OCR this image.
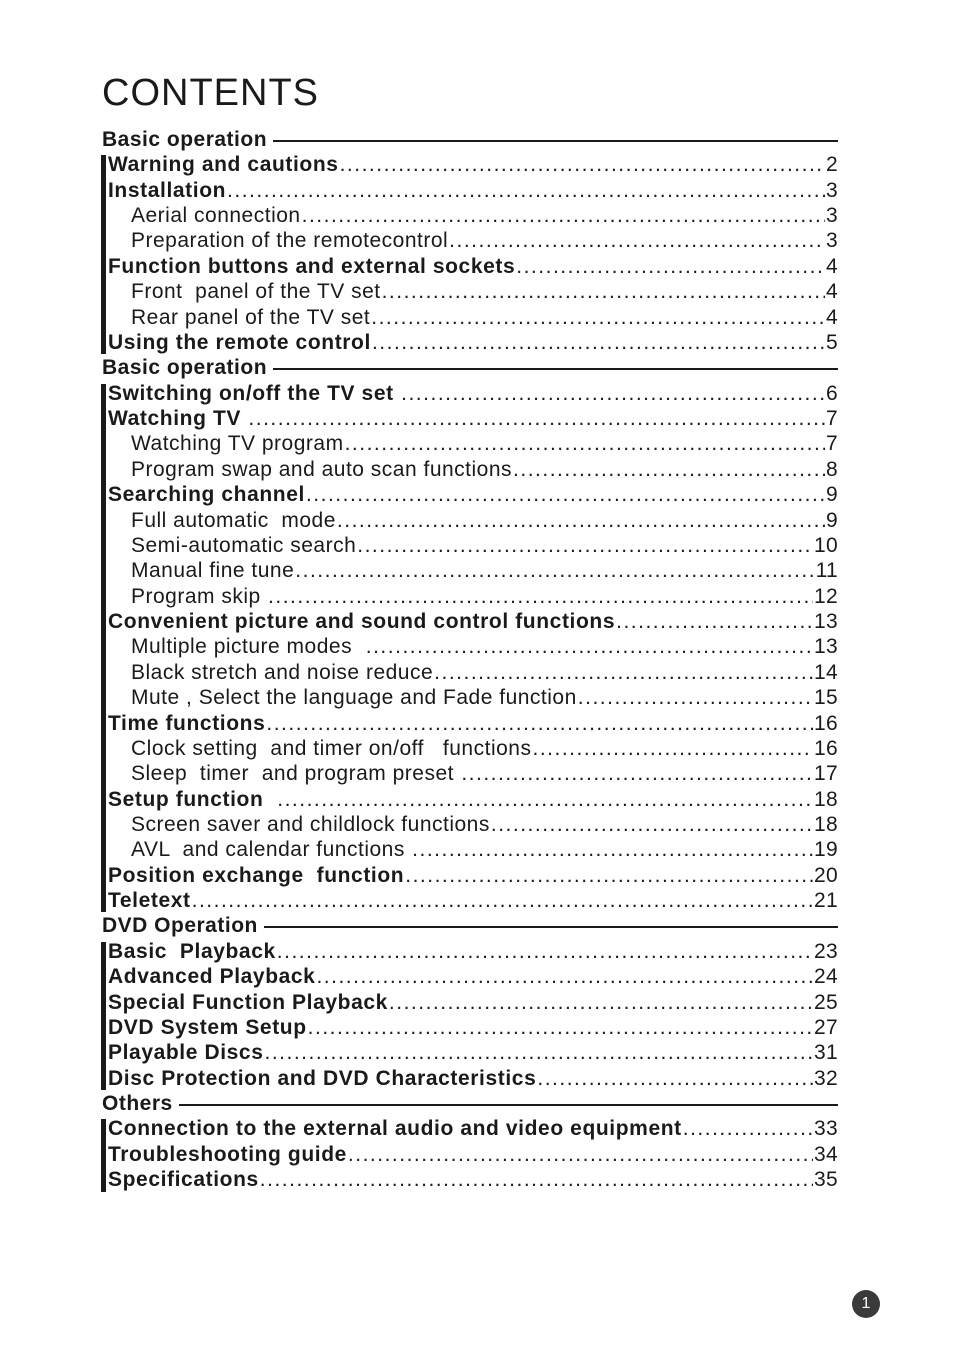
CONTENTS
Basic operation
Warning and cautions .....	2
Installation .....	3
Aerial connection .....	3
Preparation of the remotecontrol .....	3
Function buttons and external sockets .....	4
Front  panel of the TV set .....	4
Rear panel of the TV set .....	4
Using the remote control .....	5
Basic operation
Switching on/off the TV set .....	6
Watching TV .....	7
Watching TV program .....	7
Program swap and auto scan functions .....	8
Searching channel .....	9
Full automatic  mode .....	9
Semi-automatic search .....	10
Manual fine tune .....	11
Program skip .....	12
Convenient picture and sound control functions .....	13
Multiple picture modes .....	13
Black stretch and noise reduce .....	14
Mute , Select the language and Fade function .....	15
Time functions .....	16
Clock setting  and timer on/off   functions .....	16
Sleep  timer  and program preset .....	17
Setup function .....	18
Screen saver and childlock functions .....	18
AVL  and calendar functions .....	19
Position exchange  function .....	20
Teletext .....	21
DVD Operation
Basic  Playback .....	23
Advanced Playback .....	24
Special Function Playback .....	25
DVD System Setup .....	27
Playable Discs .....	31
Disc Protection and DVD Characteristics .....	32
Others
Connection to the external audio and video equipment .....	33
Troubleshooting guide .....	34
Specifications .....	35
1
